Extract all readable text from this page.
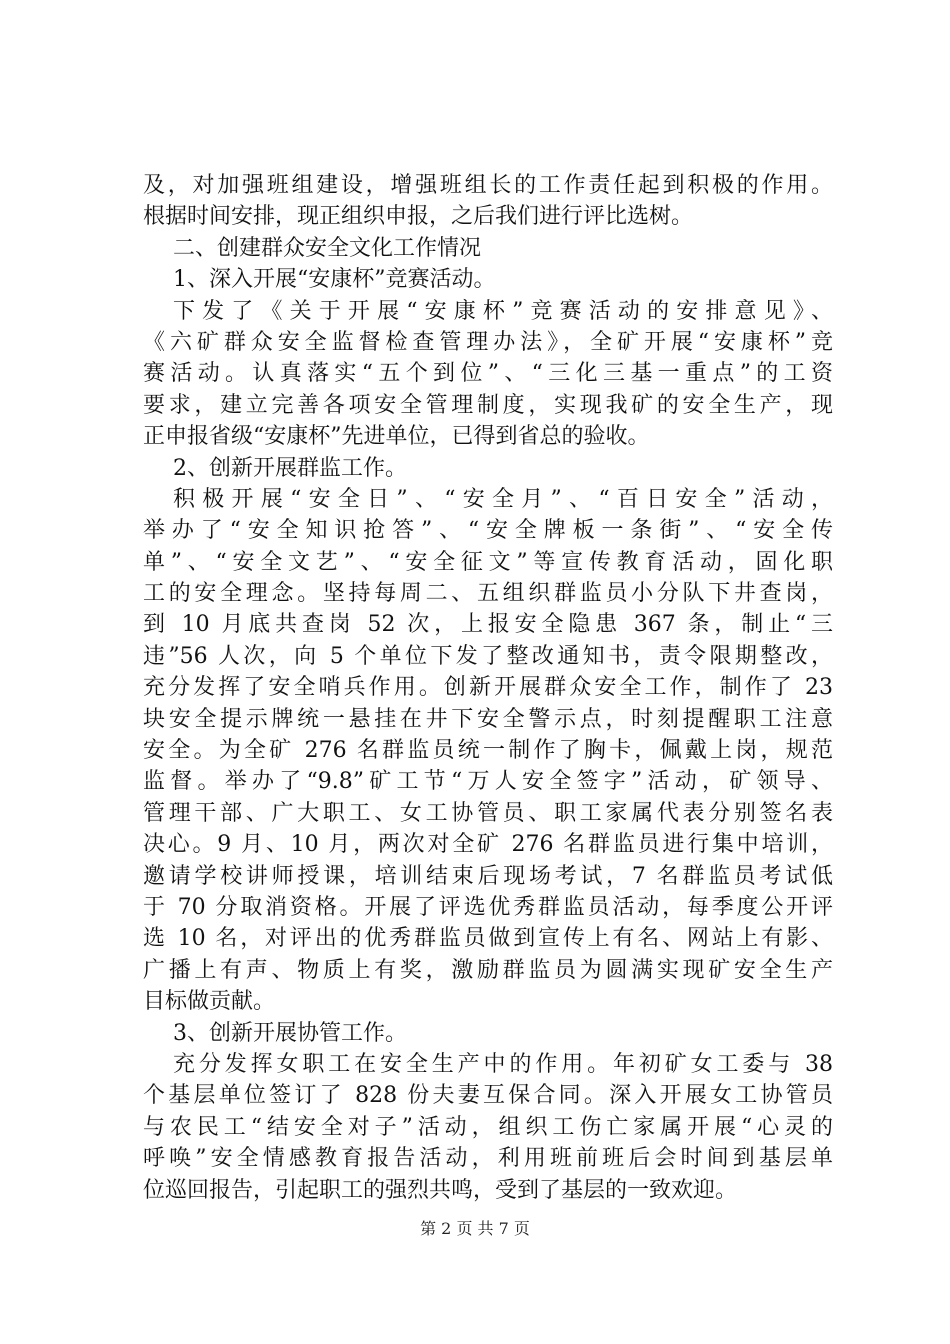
及，对加强班组建设，增强班组长的工作责任起到积极的作用。
根据时间安排，现正组织申报，之后我们进行评比选树。
二、创建群众安全文化工作情况
1、深入开展“安康杯”竞赛活动。
下发了《关于开展“安康杯”竞赛活动的安排意见》、
《六矿群众安全监督检查管理办法》，全矿开展“安康杯”竞
赛活动。认真落实“五个到位”、“三化三基一重点”的工资
要求，建立完善各项安全管理制度，实现我矿的安全生产，现
正申报省级“安康杯”先进单位，已得到省总的验收。
2、创新开展群监工作。
积极开展“安全日”、“安全月”、“百日安全”活动，
举办了“安全知识抢答”、“安全牌板一条街”、“安全传
单”、“安全文艺”、“安全征文”等宣传教育活动，固化职
工的安全理念。坚持每周二、五组织群监员小分队下井查岗，
到 10 月底共查岗 52 次，上报安全隐患 367 条，制止“三
违”56 人次，向 5 个单位下发了整改通知书，责令限期整改，
充分发挥了安全哨兵作用。创新开展群众安全工作，制作了 23
块安全提示牌统一悬挂在井下安全警示点，时刻提醒职工注意
安全。为全矿 276 名群监员统一制作了胸卡，佩戴上岗，规范
监督。举办了“9.8”矿工节“万人安全签字”活动，矿领导、
管理干部、广大职工、女工协管员、职工家属代表分别签名表
决心。9 月、10 月，两次对全矿 276 名群监员进行集中培训，
邀请学校讲师授课，培训结束后现场考试，7 名群监员考试低
于 70 分取消资格。开展了评选优秀群监员活动，每季度公开评
选 10 名，对评出的优秀群监员做到宣传上有名、网站上有影、
广播上有声、物质上有奖，激励群监员为圆满实现矿安全生产
目标做贡献。
3、创新开展协管工作。
充分发挥女职工在安全生产中的作用。年初矿女工委与 38
个基层单位签订了 828 份夫妻互保合同。深入开展女工协管员
与农民工“结安全对子”活动，组织工伤亡家属开展“心灵的
呼唤”安全情感教育报告活动，利用班前班后会时间到基层单
位巡回报告，引起职工的强烈共鸣，受到了基层的一致欢迎。
第 2 页 共 7 页
